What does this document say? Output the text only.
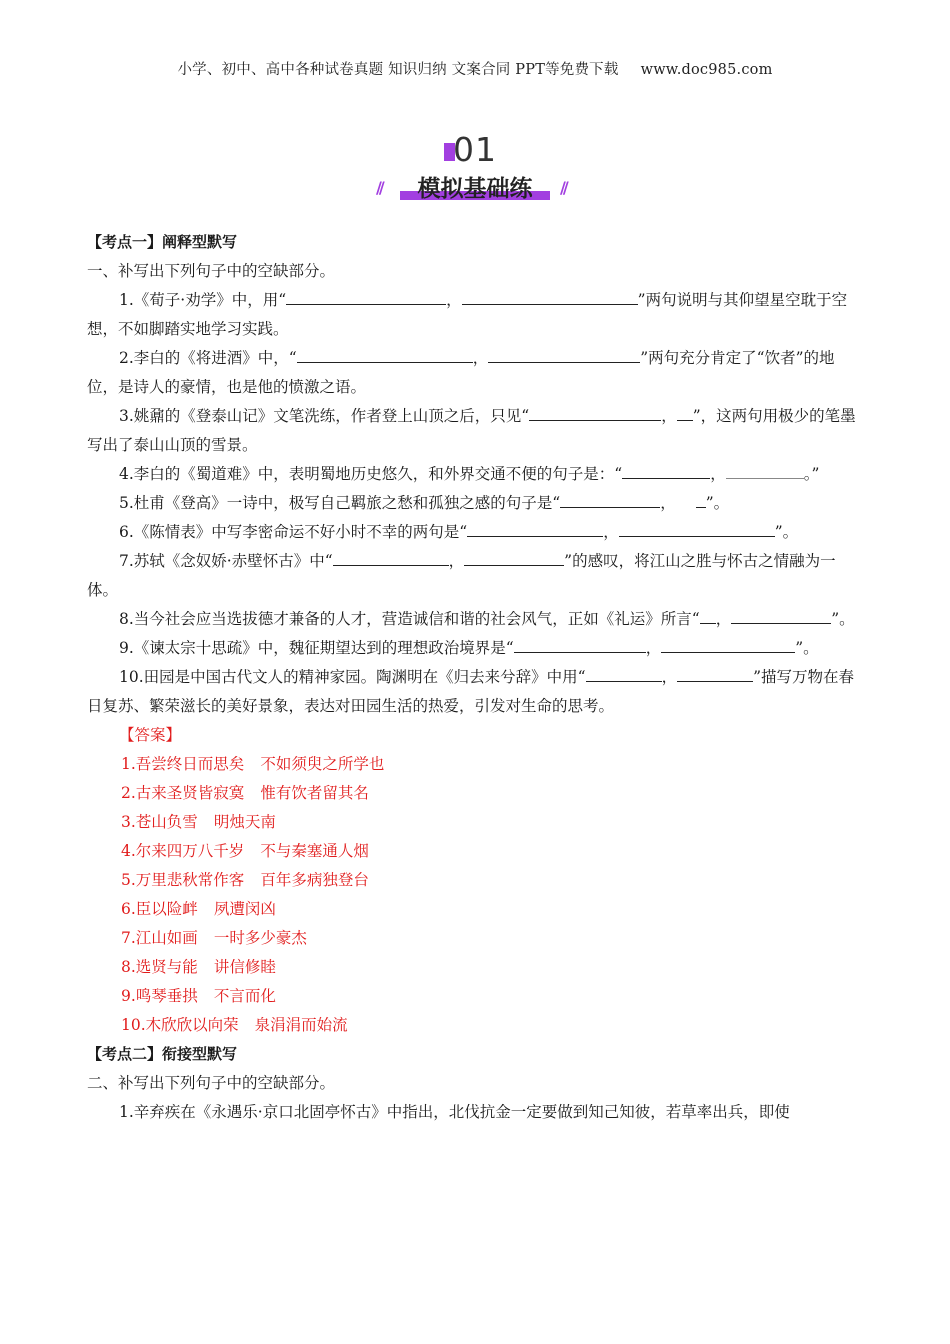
小学、初中、高中各种试卷真题 知识归纳 文案合同 PPT等免费下载 www.doc985.com
01
//	模拟基础练	//

【考点一】阐释型默写

一、补写出下列句子中的空缺部分。

1.《荀子·劝学》中，用“	，	”两句说明与其仰望星空耽于空想，不如脚踏实地学习实践。

2.李白的《将进酒》中，“	，	”两句充分肯定了“饮者”的地位，是诗人的豪情，也是他的愤激之语。

3.姚鼐的《登泰山记》文笔洗练，作者登上山顶之后，只见“	， ”，这两句用极少的笔墨写出了泰山山顶的雪景。

4.李白的《蜀道难》中，表明蜀地历史悠久，和外界交通不便的句子是：“	，	。”

5.杜甫《登高》一诗中，极写自己羁旅之愁和孤独之感的句子是“	， ”。

6.《陈情表》中写李密命运不好小时不幸的两句是“	，	”。

7.苏轼《念奴娇·赤壁怀古》中“	，	”的感叹，将江山之胜与怀古之情融为一体。

8.当今社会应当选拔德才兼备的人才，营造诚信和谐的社会风气，正如《礼运》所言“ ，	”。

9.《谏太宗十思疏》中，魏征期望达到的理想政治境界是“	，	”。

10.田园是中国古代文人的精神家园。陶渊明在《归去来兮辞》中用“	，	”描写万物在春日复苏、繁荣滋长的美好景象，表达对田园生活的热爱，引发对生命的思考。

【答案】

1.吾尝终日而思矣 不如须臾之所学也

2.古来圣贤皆寂寞 惟有饮者留其名

3.苍山负雪 明烛天南

4.尔来四万八千岁 不与秦塞通人烟

5.万里悲秋常作客 百年多病独登台

6.臣以险衅 夙遭闵凶

7.江山如画 一时多少豪杰

8.选贤与能 讲信修睦

9.鸣琴垂拱 不言而化

10.木欣欣以向荣 泉涓涓而始流

【考点二】衔接型默写

二、补写出下列句子中的空缺部分。

1.辛弃疾在《永遇乐·京口北固亭怀古》中指出，北伐抗金一定要做到知己知彼，若草率出兵，即使
